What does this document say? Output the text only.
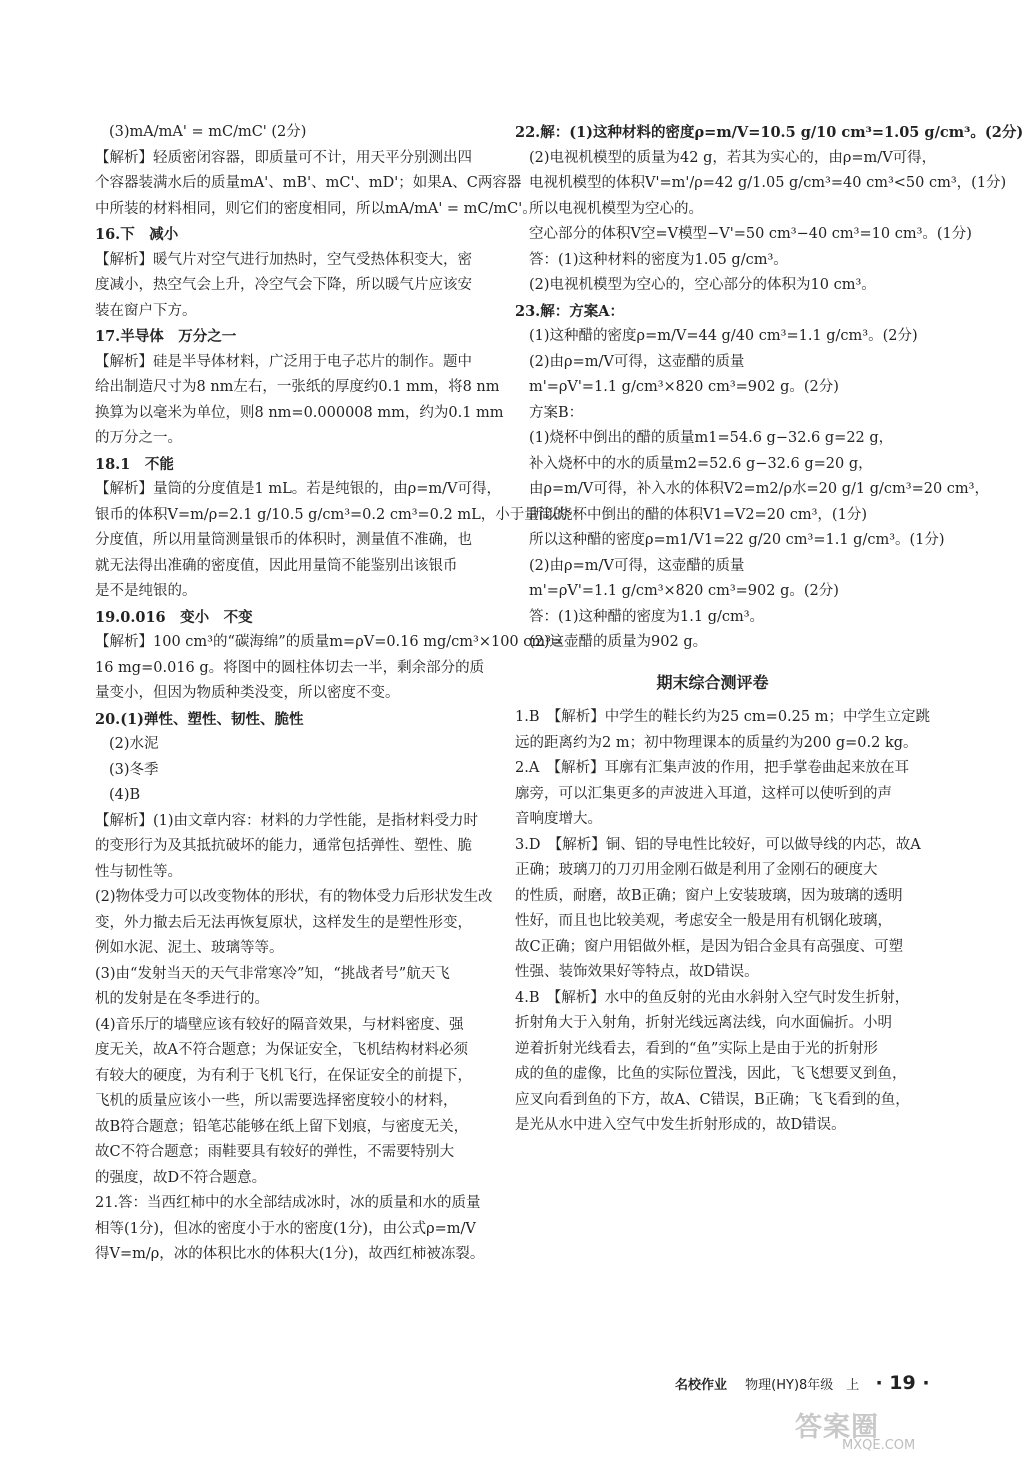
(3)mA/mA' = mC/mC' (2分)
【解析】轻质密闭容器，即质量可不计，用天平分别测出四
个容器装满水后的质量mA'、mB'、mC'、mD'；如果A、C两容器
中所装的材料相同，则它们的密度相同，所以mA/mA' = mC/mC'。
16.下　减小
【解析】暖气片对空气进行加热时，空气受热体积变大，密
度减小，热空气会上升，冷空气会下降，所以暖气片应该安
装在窗户下方。
17.半导体　万分之一
【解析】硅是半导体材料，广泛用于电子芯片的制作。题中
给出制造尺寸为8 nm左右，一张纸的厚度约0.1 mm，将8 nm
换算为以毫米为单位，则8 nm=0.000008 mm，约为0.1 mm
的万分之一。
18.1　不能
【解析】量筒的分度值是1 mL。若是纯银的，由ρ=m/V可得，
银币的体积V=m/ρ=2.1 g/10.5 g/cm³=0.2 cm³=0.2 mL，小于量筒的
分度值，所以用量筒测量银币的体积时，测量值不准确，也
就无法得出准确的密度值，因此用量筒不能鉴别出该银币
是不是纯银的。
19.0.016　变小　不变
【解析】100 cm³的“碳海绵”的质量m=ρV=0.16 mg/cm³×100 cm³=
16 mg=0.016 g。将图中的圆柱体切去一半，剩余部分的质
量变小，但因为物质种类没变，所以密度不变。
20.(1)弹性、塑性、韧性、脆性
(2)水泥
(3)冬季
(4)B
【解析】(1)由文章内容：材料的力学性能，是指材料受力时
的变形行为及其抵抗破坏的能力，通常包括弹性、塑性、脆
性与韧性等。
(2)物体受力可以改变物体的形状，有的物体受力后形状发生改
变，外力撤去后无法再恢复原状，这样发生的是塑性形变，
例如水泥、泥土、玻璃等等。
(3)由“发射当天的天气非常寒冷”知，“挑战者号”航天飞
机的发射是在冬季进行的。
(4)音乐厅的墙壁应该有较好的隔音效果，与材料密度、强
度无关，故A不符合题意；为保证安全，飞机结构材料必须
有较大的硬度，为有利于飞机飞行，在保证安全的前提下，
飞机的质量应该小一些，所以需要选择密度较小的材料，
故B符合题意；铅笔芯能够在纸上留下划痕，与密度无关，
故C不符合题意；雨鞋要具有较好的弹性，不需要特别大
的强度，故D不符合题意。
21.答：当西红柿中的水全部结成冰时，冰的质量和水的质量
相等(1分)，但冰的密度小于水的密度(1分)，由公式ρ=m/V
得V=m/ρ，冰的体积比水的体积大(1分)，故西红柿被冻裂。
22.解：(1)这种材料的密度ρ=m/V=10.5 g/10 cm³=1.05 g/cm³。(2分)
(2)电视机模型的质量为42 g，若其为实心的，由ρ=m/V可得，
电视机模型的体积V'=m'/ρ=42 g/1.05 g/cm³=40 cm³<50 cm³，(1分)
所以电视机模型为空心的。
空心部分的体积V空=V模型−V'=50 cm³−40 cm³=10 cm³。(1分)
答：(1)这种材料的密度为1.05 g/cm³。
(2)电视机模型为空心的，空心部分的体积为10 cm³。
23.解：方案A：
(1)这种醋的密度ρ=m/V=44 g/40 cm³=1.1 g/cm³。(2分)
(2)由ρ=m/V可得，这壶醋的质量
m'=ρV'=1.1 g/cm³×820 cm³=902 g。(2分)
方案B：
(1)烧杯中倒出的醋的质量m1=54.6 g−32.6 g=22 g，
补入烧杯中的水的质量m2=52.6 g−32.6 g=20 g，
由ρ=m/V可得，补入水的体积V2=m2/ρ水=20 g/1 g/cm³=20 cm³，
所以烧杯中倒出的醋的体积V1=V2=20 cm³，(1分)
所以这种醋的密度ρ=m1/V1=22 g/20 cm³=1.1 g/cm³。(1分)
(2)由ρ=m/V可得，这壶醋的质量
m'=ρV'=1.1 g/cm³×820 cm³=902 g。(2分)
答：(1)这种醋的密度为1.1 g/cm³。
(2)这壶醋的质量为902 g。
期末综合测评卷
1.B　【解析】中学生的鞋长约为25 cm=0.25 m；中学生立定跳
远的距离约为2 m；初中物理课本的质量约为200 g=0.2 kg。
2.A　【解析】耳廓有汇集声波的作用，把手掌卷曲起来放在耳
廓旁，可以汇集更多的声波进入耳道，这样可以使听到的声
音响度增大。
3.D　【解析】铜、铝的导电性比较好，可以做导线的内芯，故A
正确；玻璃刀的刀刃用金刚石做是利用了金刚石的硬度大
的性质，耐磨，故B正确；窗户上安装玻璃，因为玻璃的透明
性好，而且也比较美观，考虑安全一般是用有机钢化玻璃，
故C正确；窗户用铝做外框，是因为铝合金具有高强度、可塑
性强、装饰效果好等特点，故D错误。
4.B　【解析】水中的鱼反射的光由水斜射入空气时发生折射，
折射角大于入射角，折射光线远离法线，向水面偏折。小明
逆着折射光线看去，看到的“鱼”实际上是由于光的折射形
成的鱼的虚像，比鱼的实际位置浅，因此，飞飞想要叉到鱼，
应叉向看到鱼的下方，故A、C错误，B正确；飞飞看到的鱼，
是光从水中进入空气中发生折射形成的，故D错误。
名校作业 物理(HY)8年级　上 · 19 ·
答案圈
MXQE.COM
